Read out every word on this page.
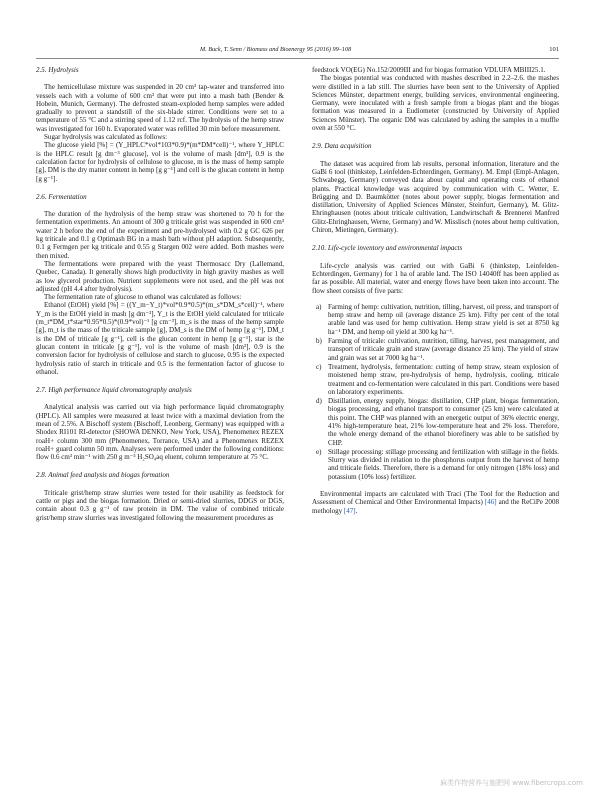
M. Buck, T. Senn / Biomass and Bioenergy 95 (2016) 99–108	101
2.5. Hydrolysis

The hemicellulase mixture was suspended in 20 cm³ tap-water and transferred into vessels each with a volume of 600 cm³ that were put into a mash bath (Bender & Hobein, Munich, Germany). The defrosted steam-exploded hemp samples were added gradually to prevent a standstill of the six-blade stirrer. Conditions were set to a temperature of 55 °C and a stirring speed of 1.12 rcf. The hydrolysis of the hemp straw was investigated for 160 h. Evaporated water was refilled 30 min before measurement.

Sugar hydrolysis was calculated as follows:

The glucose yield [%] = (Y_HPLC*vol*103*0.9)*(m*DM*cell)⁻¹, where Y_HPLC is the HPLC result [g dm⁻³ glucose], vol is the volume of mash [dm³], 0.9 is the calculation factor for hydrolysis of cellulose to glucose, m is the mass of hemp sample [g], DM is the dry matter content in hemp [g g⁻¹] and cell is the glucan content in hemp [g g⁻¹].

2.6. Fermentation

The duration of the hydrolysis of the hemp straw was shortened to 70 h for the fermentation experiments. An amount of 300 g triticale grist was suspended in 600 cm³ water 2 h before the end of the experiment and pre-hydrolysed with 0.2 g GC 626 per kg triticale and 0.1 g Optimash BG in a mash bath without pH adaption. Subsequently, 0.1 g Fermgen per kg triticale and 0.55 g Stargen 002 were added. Both mashes were then mixed.

The fermentations were prepared with the yeast Thermosacc Dry (Lallemand, Quebec, Canada). It generally shows high productivity in high gravity mashes as well as low glycerol production. Nutrient supplements were not used, and the pH was not adjusted (pH 4.4 after hydrolysis).

The fermentation rate of glucose to ethanol was calculated as follows:

Ethanol (EtOH) yield [%] = ((Y_m−Y_t)*vol*0.9*0.5)*(m_s*DM_s*cell)⁻¹, where Y_m is the EtOH yield in mash [g dm⁻³], Y_t is the EtOH yield calculated for triticale (m_t*DM_t*star*0.95*0.5)*(0.9*vol)⁻¹ [g cm⁻³], m_s is the mass of the hemp sample [g], m_t is the mass of the triticale sample [g], DM_s is the DM of hemp [g g⁻¹], DM_t is the DM of triticale [g g⁻¹], cell is the glucan content in hemp [g g⁻¹], star is the glucan content in triticale [g g⁻¹], vol is the volume of mash [dm³], 0.9 is the conversion factor for hydrolysis of cellulose and starch to glucose, 0.95 is the expected hydrolysis ratio of starch in triticale and 0.5 is the fermentation factor of glucose to ethanol.

2.7. High performance liquid chromatography analysis

Analytical analysis was carried out via high performance liquid chromatography (HPLC). All samples were measured at least twice with a maximal deviation from the mean of 2.5%. A Bischoff system (Bischoff, Leonberg, Germany) was equipped with a Shodex RI101 RI-detector (SHOWA DENKO, New York, USA), Phenomenex REZEX roaH+ column 300 mm (Phenomenex, Torrance, USA) and a Phenomenex REZEX roaH+ guard column 50 mm. Analyses were performed under the following conditions: flow 0.6 cm³ min⁻¹ with 250 g m⁻³ H₂SO₄aq eluent, column temperature at 75 °C.

2.8. Animal feed analysis and biogas formation

Triticale grist/hemp straw slurries were tested for their usability as feedstock for cattle or pigs and the biogas formation. Dried or semi-dried slurries, DDGS or DGS, contain about 0.3 g g⁻¹ of raw protein in DM. The value of combined triticale grist/hemp straw slurries was investigated following the measurement procedures as

feedstock VO(EG) No.152/2009III and for biogas formation VDLUFA MBIII25.1.

The biogas potential was conducted with mashes described in 2.2–2.6. the mashes were distilled in a lab still. The slurries have been sent to the University of Applied Sciences Münster, department energy, building services, environmental engineering, Germany, were inoculated with a fresh sample from a biogas plant and the biogas formation was measured in a Eudiometer (constructed by University of Applied Sciences Münster). The organic DM was calculated by ashing the samples in a muffle oven at 550 °C.

2.9. Data acquisition

The dataset was acquired from lab results, personal information, literature and the GaBi 6 tool (thinkstep, Leinfelden-Echterdingen, Germany). M. Empl (Empl-Anlagen, Schwabegg, Germany) conveyed data about capital and operating costs of ethanol plants. Practical knowledge was acquired by communication with C. Wetter, E. Brügging and D. Baumkötter (notes about power supply, biogas fermentation and distillation, University of Applied Sciences Münster, Steinfurt, Germany), M. Glitz-Ehringhausen (notes about triticale cultivation, Landwirtschaft & Brennerei Manfred Glitz-Ehringhausen, Werne, Germany) and W. Misslisch (notes about hemp cultivation, Chiron, Mietingen, Germany).

2.10. Life-cycle inventory and environmental impacts

Life-cycle analysis was carried out with GaBi 6 (thinkstep, Leinfelden-Echterdingen, Germany) for 1 ha of arable land. The ISO 14040ff has been applied as far as possible. All material, water and energy flows have been taken into account. The flow sheet consists of five parts:

a) Farming of hemp: cultivation, nutrition, tilling, harvest, oil press, and transport of hemp straw and hemp oil (average distance 25 km). Fifty per cent of the total arable land was used for hemp cultivation. Hemp straw yield is set at 8750 kg ha⁻¹ DM, and hemp oil yield at 300 kg ha⁻¹.
b) Farming of triticale: cultivation, nutrition, tilling, harvest, pest management, and transport of triticale grain and straw (average distance 25 km). The yield of straw and grain was set at 7000 kg ha⁻¹.
c) Treatment, hydrolysis, fermentation: cutting of hemp straw, steam explosion of moistened hemp straw, pre-hydrolysis of hemp, hydrolysis, cooling, triticale treatment and co-fermentation were calculated in this part. Conditions were based on laboratory experiments.
d) Distillation, energy supply, biogas: distillation, CHP plant, biogas fermentation, biogas processing, and ethanol transport to consumer (25 km) were calculated at this point. The CHP was planned with an energetic output of 36% electric energy, 41% high-temperature heat, 21% low-temperature heat and 2% loss. Therefore, the whole energy demand of the ethanol biorefinery was able to be satisfied by CHP.
e) Stillage processing: stillage processing and fertilization with stillage in the fields. Slurry was divided in relation to the phosphorus output from the harvest of hemp and triticale fields. Therefore, there is a demand for only nitrogen (18% loss) and potassium (10% loss) fertilizer.

Environmental impacts are calculated with Traci (The Tool for the Reduction and Assessment of Chemical and Other Environmental Impacts) [46] and the ReCiPe 2008 methology [47].

麻类作物营养与施肥网 www.fibercrops.com
